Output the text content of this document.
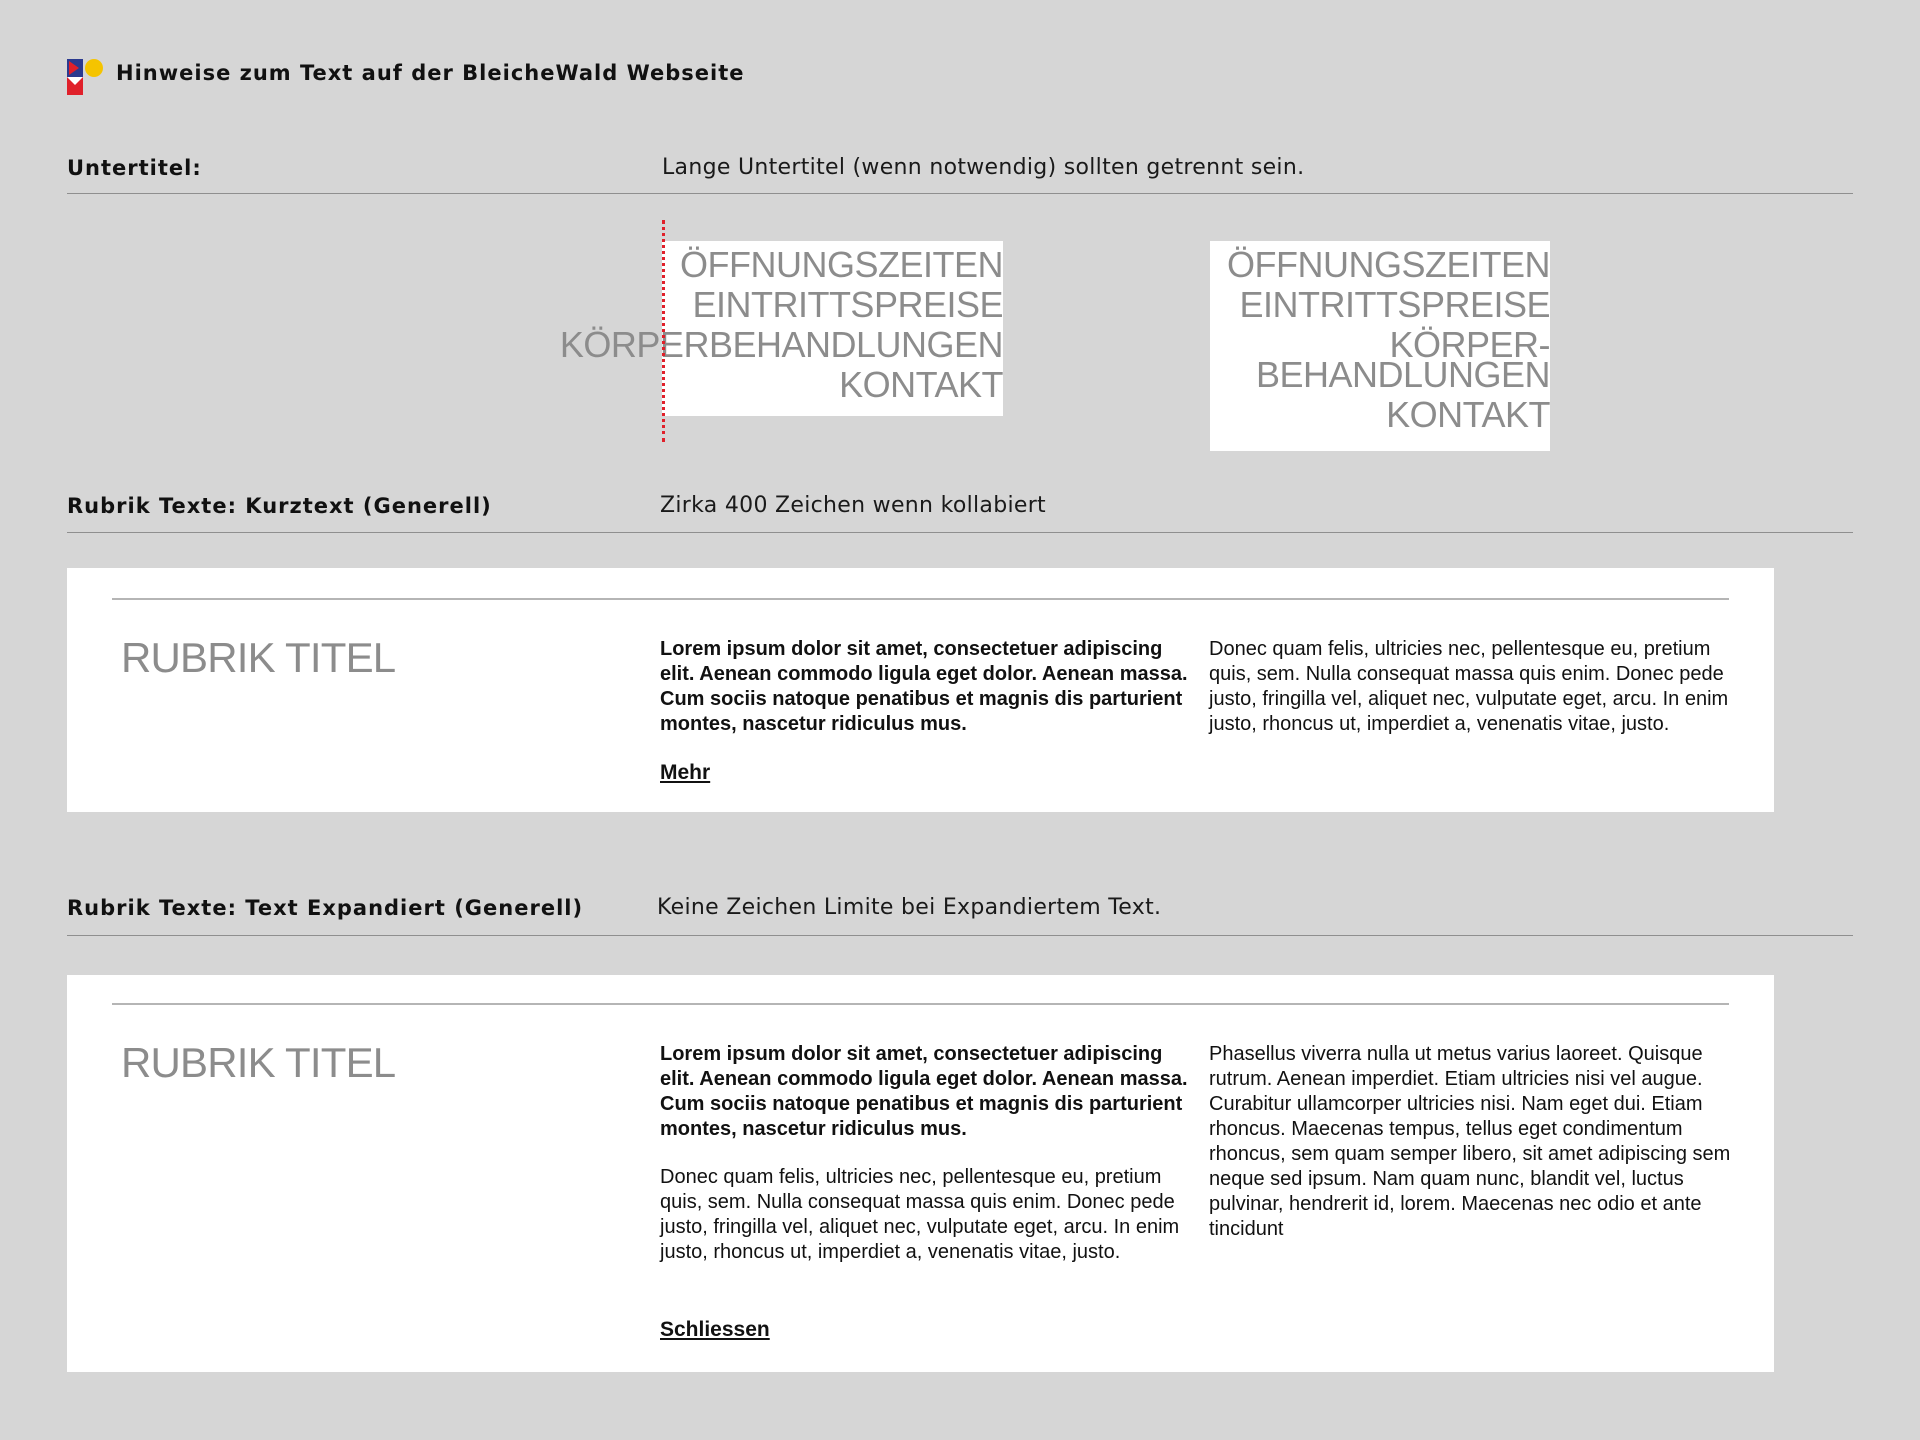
Hinweise zum Text auf der BleicheWald Webseite
Untertitel:	Lange Untertitel (wenn notwendig) sollten getrennt sein.
ÖFFNUNGSZEITEN
EINTRITTSPREISE
KÖRPERBEHANDLUNGEN
KONTAKT
ÖFFNUNGSZEITEN
EINTRITTSPREISE
KÖRPER-
BEHANDLUNGEN
KONTAKT
Rubrik Texte: Kurztext (Generell)	Zirka 400 Zeichen wenn kollabiert
RUBRIK TITEL	Lorem ipsum dolor sit amet, consectetuer adipiscing elit. Aenean commodo ligula eget dolor. Aenean massa. Cum sociis natoque penatibus et magnis dis parturient montes, nascetur ridiculus mus.
Mehr
Donec quam felis, ultricies nec, pellentesque eu, pretium quis, sem. Nulla consequat massa quis enim. Donec pede justo, fringilla vel, aliquet nec, vulputate eget, arcu. In enim justo, rhoncus ut, imperdiet a, venenatis vitae, justo.
Rubrik Texte: Text Expandiert (Generell)	Keine Zeichen Limite bei Expandiertem Text.
RUBRIK TITEL	Lorem ipsum dolor sit amet, consectetuer adipiscing elit. Aenean commodo ligula eget dolor. Aenean massa. Cum sociis natoque penatibus et magnis dis parturient montes, nascetur ridiculus mus.
Donec quam felis, ultricies nec, pellentesque eu, pretium quis, sem. Nulla consequat massa quis enim. Donec pede justo, fringilla vel, aliquet nec, vulputate eget, arcu. In enim justo, rhoncus ut, imperdiet a, venenatis vitae, justo.
Schliessen
Phasellus viverra nulla ut metus varius laoreet. Quisque rutrum. Aenean imperdiet. Etiam ultricies nisi vel augue. Curabitur ullamcorper ultricies nisi. Nam eget dui. Etiam rhoncus. Maecenas tempus, tellus eget condimentum rhoncus, sem quam semper libero, sit amet adipiscing sem neque sed ipsum. Nam quam nunc, blandit vel, luctus pulvinar, hendrerit id, lorem. Maecenas nec odio et ante tincidunt
